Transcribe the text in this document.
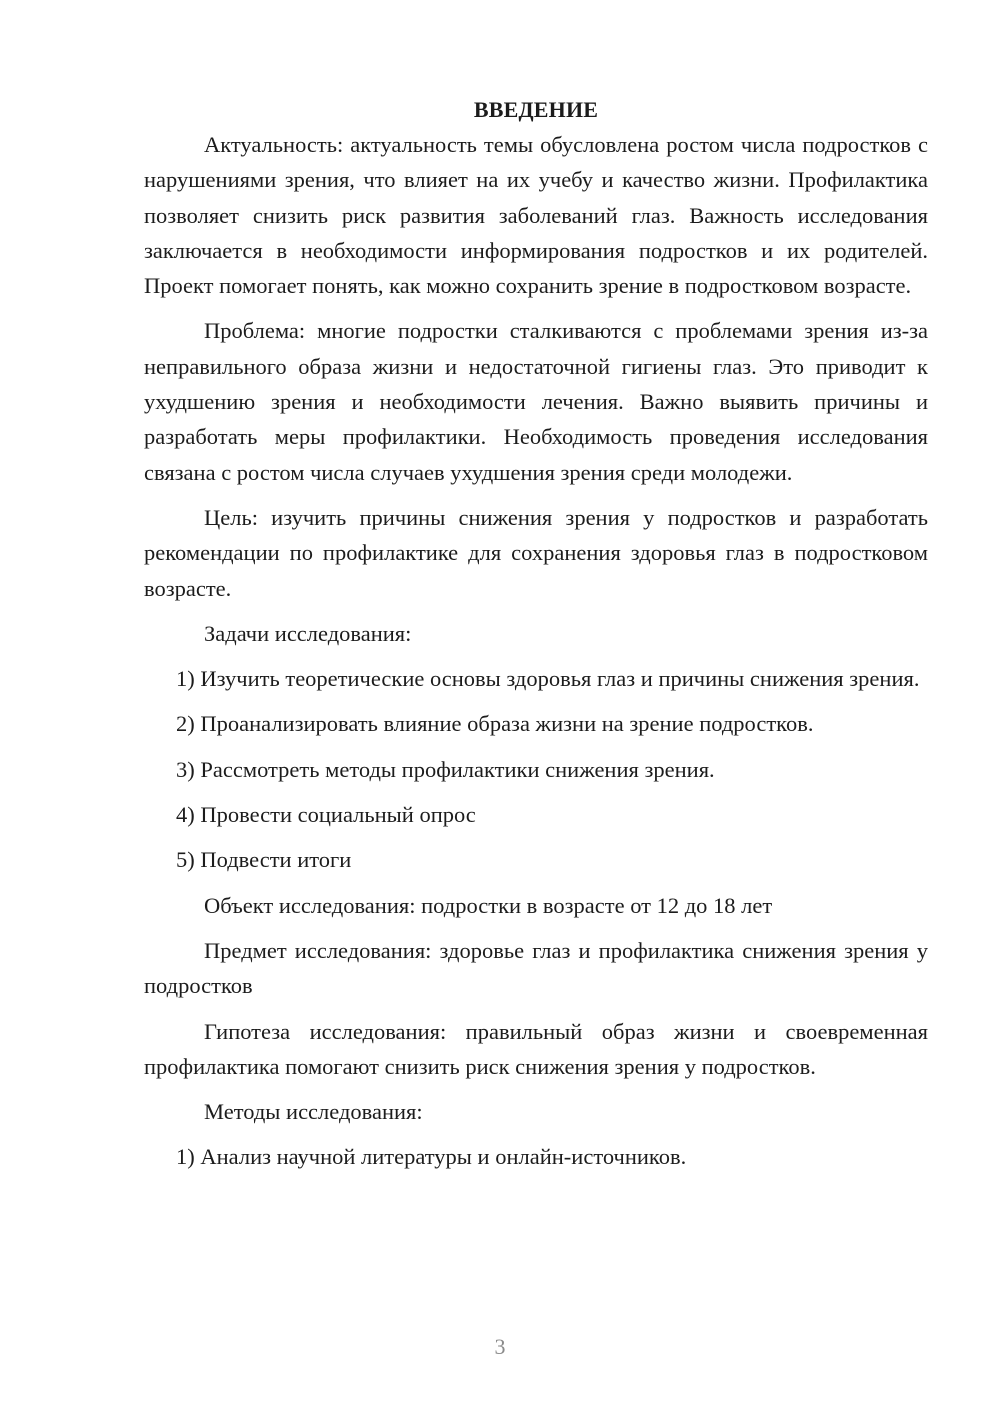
ВВЕДЕНИЕ

Актуальность: актуальность темы обусловлена ростом числа подростков с нарушениями зрения, что влияет на их учебу и качество жизни. Профилактика позволяет снизить риск развития заболеваний глаз. Важность исследования заключается в необходимости информирования подростков и их родителей. Проект помогает понять, как можно сохранить зрение в подростковом возрасте.

Проблема: многие подростки сталкиваются с проблемами зрения из-за неправильного образа жизни и недостаточной гигиены глаз. Это приводит к ухудшению зрения и необходимости лечения. Важно выявить причины и разработать меры профилактики. Необходимость проведения исследования связана с ростом числа случаев ухудшения зрения среди молодежи.

Цель: изучить причины снижения зрения у подростков и разработать рекомендации по профилактике для сохранения здоровья глаз в подростковом возрасте.

Задачи исследования:

1) Изучить теоретические основы здоровья глаз и причины снижения зрения.

2) Проанализировать влияние образа жизни на зрение подростков.

3) Рассмотреть методы профилактики снижения зрения.

4) Провести социальный опрос

5) Подвести итоги

Объект исследования: подростки в возрасте от 12 до 18 лет

Предмет исследования: здоровье глаз и профилактика снижения зрения у подростков

Гипотеза исследования: правильный образ жизни и своевременная профилактика помогают снизить риск снижения зрения у подростков.

Методы исследования:

1) Анализ научной литературы и онлайн-источников.

3
